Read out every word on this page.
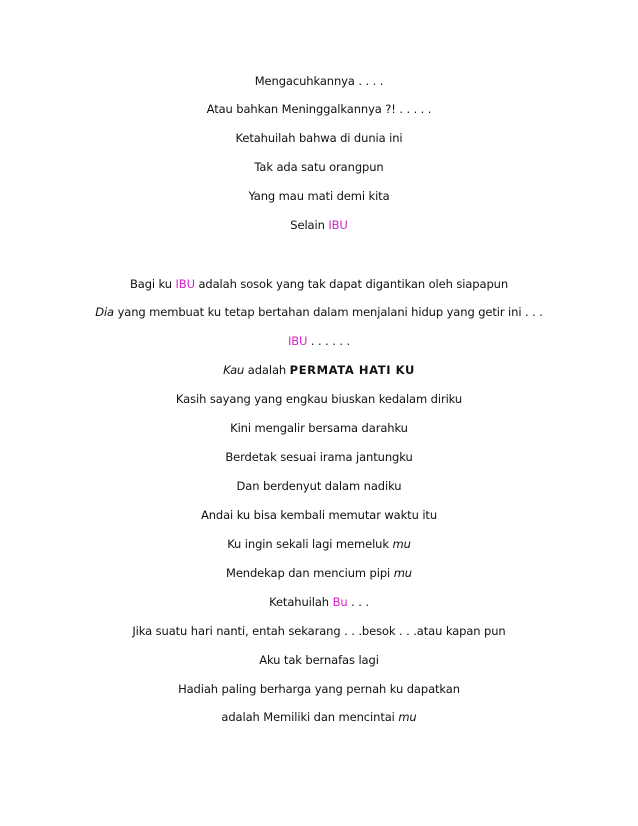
Mengacuhkannya . . . .
Atau bahkan Meninggalkannya ?! . . . . .
Ketahuilah bahwa di dunia ini
Tak ada satu orangpun
Yang mau mati demi kita
Selain IBU
Bagi ku IBU adalah sosok yang tak dapat digantikan oleh siapapun
Dia yang membuat ku tetap bertahan dalam menjalani hidup yang getir ini . . .
IBU . . . . . .
Kau adalah PERMATA HATI KU
Kasih sayang yang engkau biuskan kedalam diriku
Kini mengalir bersama darahku
Berdetak sesuai irama jantungku
Dan berdenyut dalam nadiku
Andai ku bisa kembali memutar waktu itu
Ku ingin sekali lagi memeluk mu
Mendekap dan mencium pipi mu
Ketahuilah Bu . . .
Jika suatu hari nanti, entah sekarang . . .besok . . .atau kapan pun
Aku tak bernafas lagi
Hadiah paling berharga yang pernah ku dapatkan
adalah Memiliki dan mencintai mu
